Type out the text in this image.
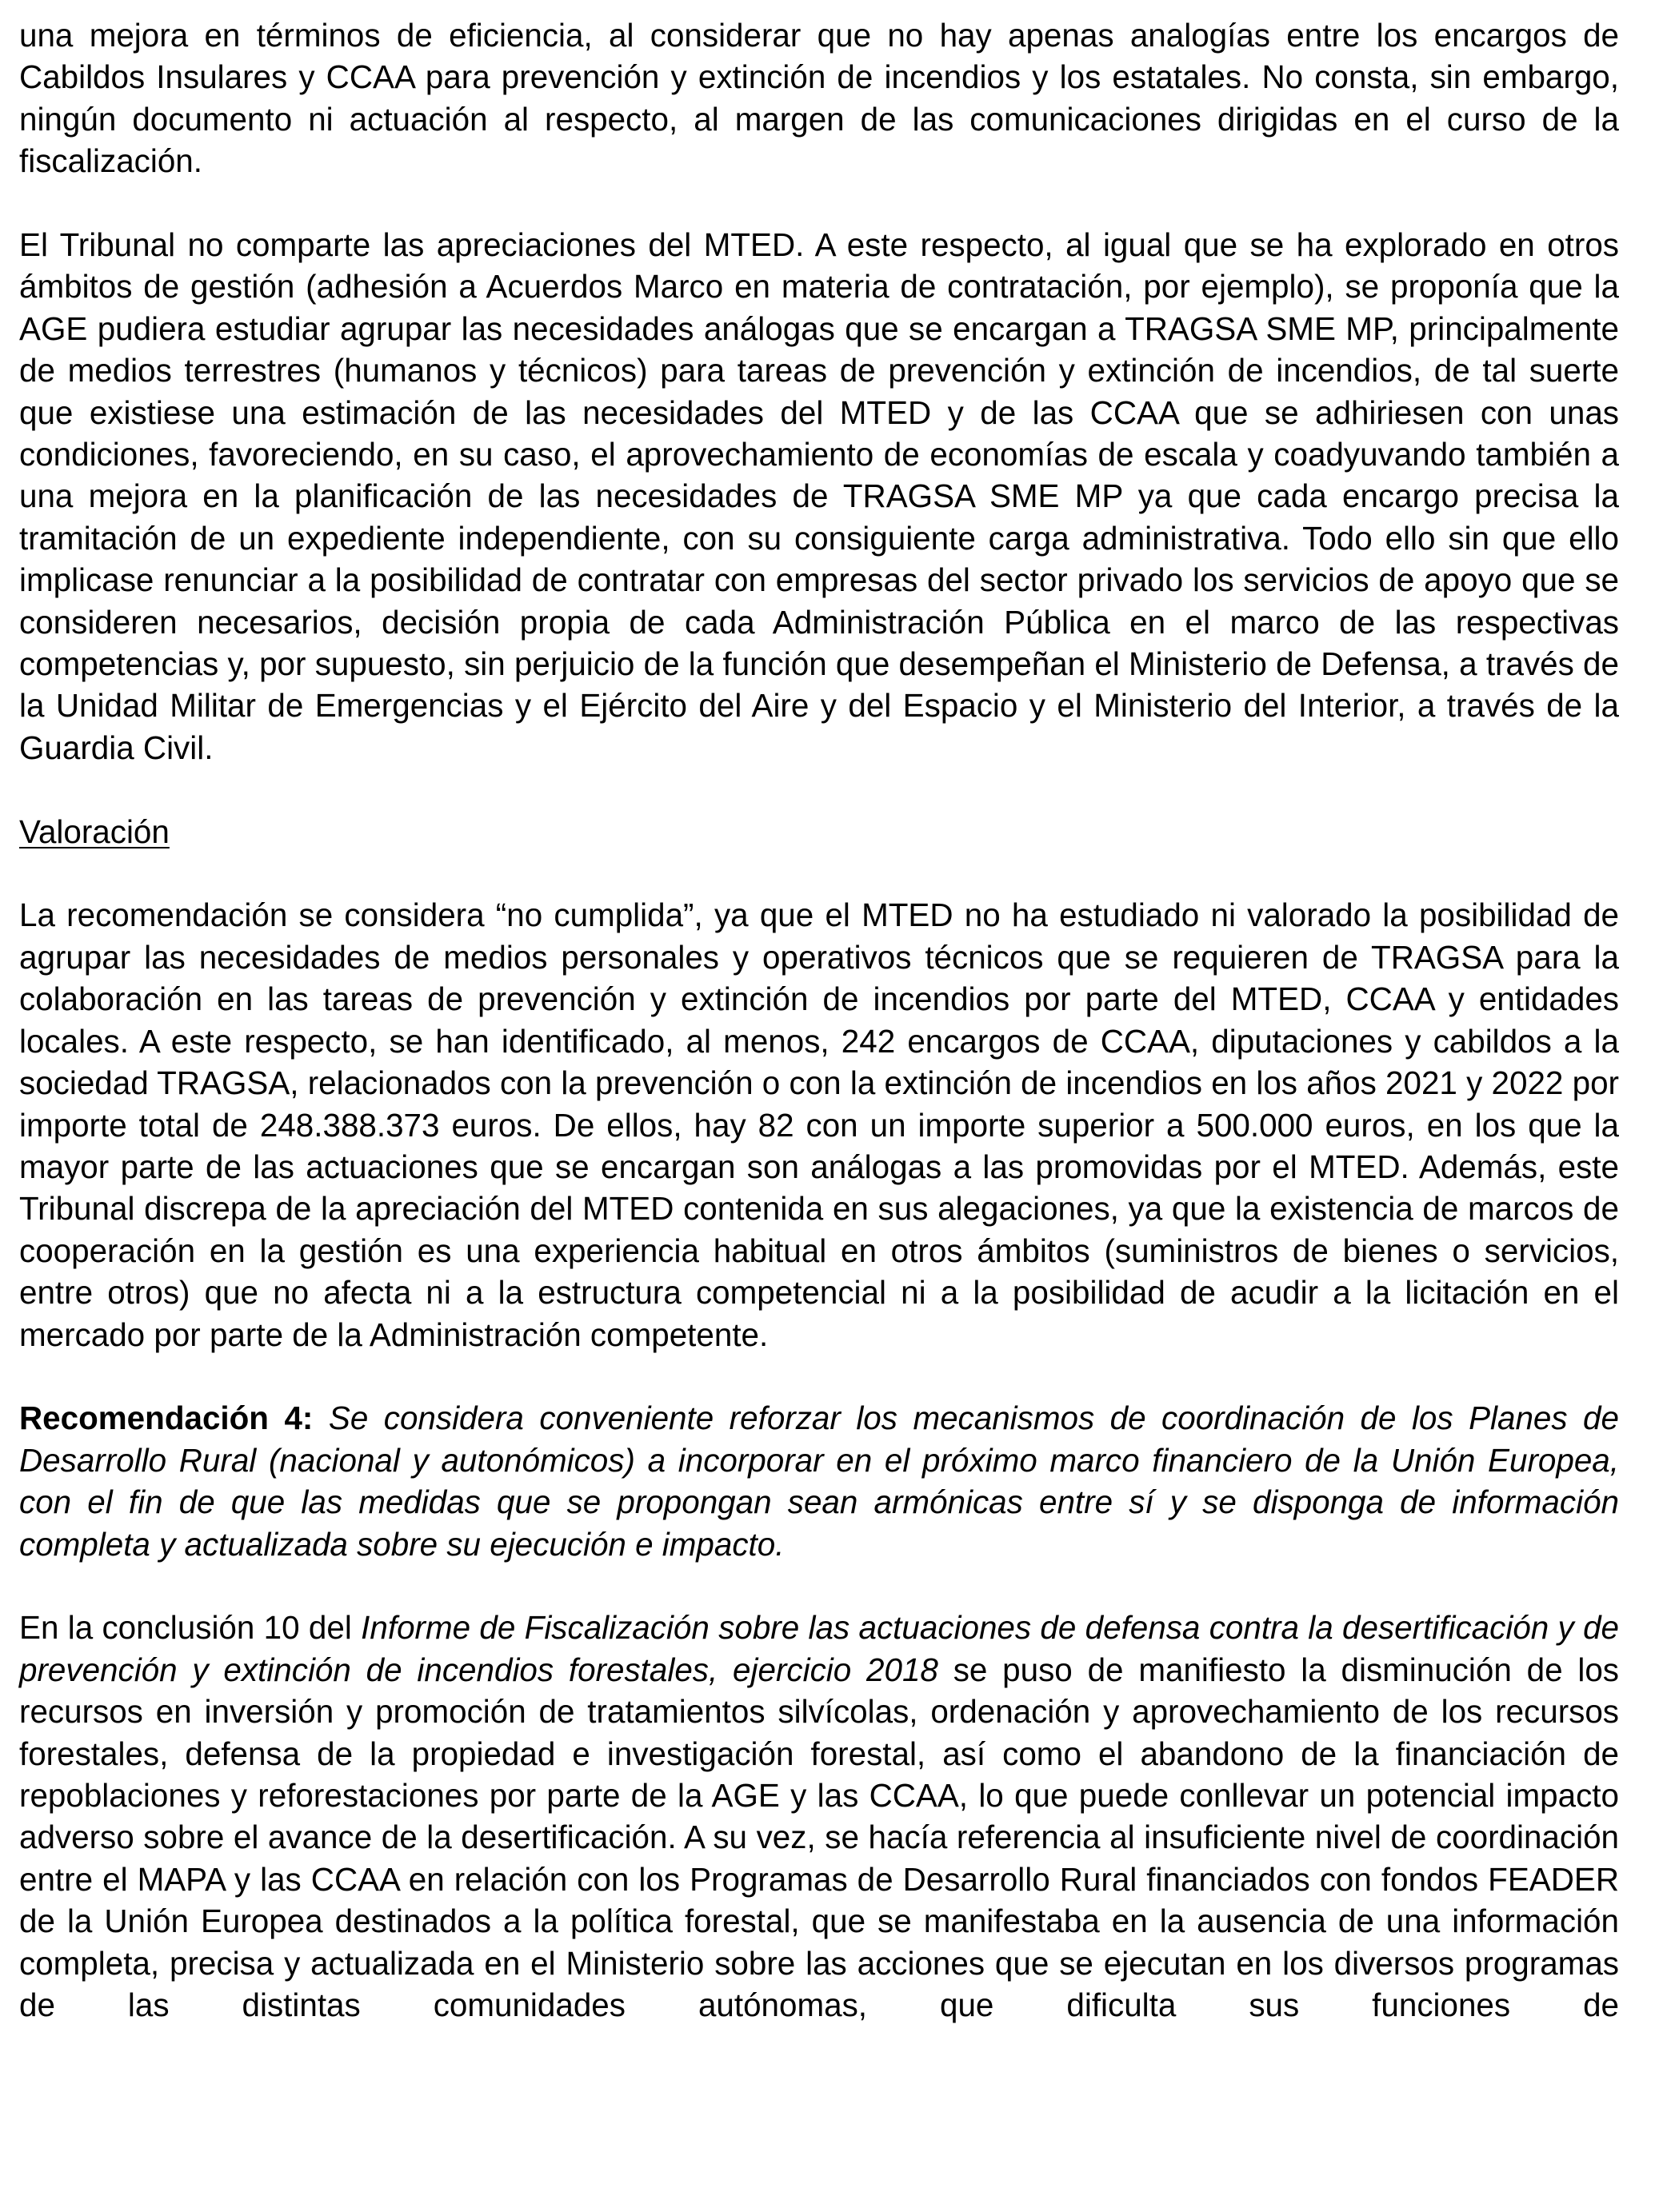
una mejora en términos de eficiencia, al considerar que no hay apenas analogías entre los encargos de Cabildos Insulares y CCAA para prevención y extinción de incendios y los estatales. No consta, sin embargo, ningún documento ni actuación al respecto, al margen de las comunicaciones dirigidas en el curso de la fiscalización.

El Tribunal no comparte las apreciaciones del MTED. A este respecto, al igual que se ha explorado en otros ámbitos de gestión (adhesión a Acuerdos Marco en materia de contratación, por ejemplo), se proponía que la AGE pudiera estudiar agrupar las necesidades análogas que se encargan a TRAGSA SME MP, principalmente de medios terrestres (humanos y técnicos) para tareas de prevención y extinción de incendios, de tal suerte que existiese una estimación de las necesidades del MTED y de las CCAA que se adhiriesen con unas condiciones, favoreciendo, en su caso, el aprovechamiento de economías de escala y coadyuvando también a una mejora en la planificación de las necesidades de TRAGSA SME MP ya que cada encargo precisa la tramitación de un expediente independiente, con su consiguiente carga administrativa. Todo ello sin que ello implicase renunciar a la posibilidad de contratar con empresas del sector privado los servicios de apoyo que se consideren necesarios, decisión propia de cada Administración Pública en el marco de las respectivas competencias y, por supuesto, sin perjuicio de la función que desempeñan el Ministerio de Defensa, a través de la Unidad Militar de Emergencias y el Ejército del Aire y del Espacio y el Ministerio del Interior, a través de la Guardia Civil.

Valoración

La recomendación se considera “no cumplida”, ya que el MTED no ha estudiado ni valorado la posibilidad de agrupar las necesidades de medios personales y operativos técnicos que se requieren de TRAGSA para la colaboración en las tareas de prevención y extinción de incendios por parte del MTED, CCAA y entidades locales. A este respecto, se han identificado, al menos, 242 encargos de CCAA, diputaciones y cabildos a la sociedad TRAGSA, relacionados con la prevención o con la extinción de incendios en los años 2021 y 2022 por importe total de 248.388.373 euros. De ellos, hay 82 con un importe superior a 500.000 euros, en los que la mayor parte de las actuaciones que se encargan son análogas a las promovidas por el MTED. Además, este Tribunal discrepa de la apreciación del MTED contenida en sus alegaciones, ya que la existencia de marcos de cooperación en la gestión es una experiencia habitual en otros ámbitos (suministros de bienes o servicios, entre otros) que no afecta ni a la estructura competencial ni a la posibilidad de acudir a la licitación en el mercado por parte de la Administración competente.

Recomendación 4: Se considera conveniente reforzar los mecanismos de coordinación de los Planes de Desarrollo Rural (nacional y autonómicos) a incorporar en el próximo marco financiero de la Unión Europea, con el fin de que las medidas que se propongan sean armónicas entre sí y se disponga de información completa y actualizada sobre su ejecución e impacto.

En la conclusión 10 del Informe de Fiscalización sobre las actuaciones de defensa contra la desertificación y de prevención y extinción de incendios forestales, ejercicio 2018 se puso de manifiesto la disminución de los recursos en inversión y promoción de tratamientos silvícolas, ordenación y aprovechamiento de los recursos forestales, defensa de la propiedad e investigación forestal, así como el abandono de la financiación de repoblaciones y reforestaciones por parte de la AGE y las CCAA, lo que puede conllevar un potencial impacto adverso sobre el avance de la desertificación. A su vez, se hacía referencia al insuficiente nivel de coordinación entre el MAPA y las CCAA en relación con los Programas de Desarrollo Rural financiados con fondos FEADER de la Unión Europea destinados a la política forestal, que se manifestaba en la ausencia de una información completa, precisa y actualizada en el Ministerio sobre las acciones que se ejecutan en los diversos programas de las distintas comunidades autónomas, que dificulta sus funciones de
